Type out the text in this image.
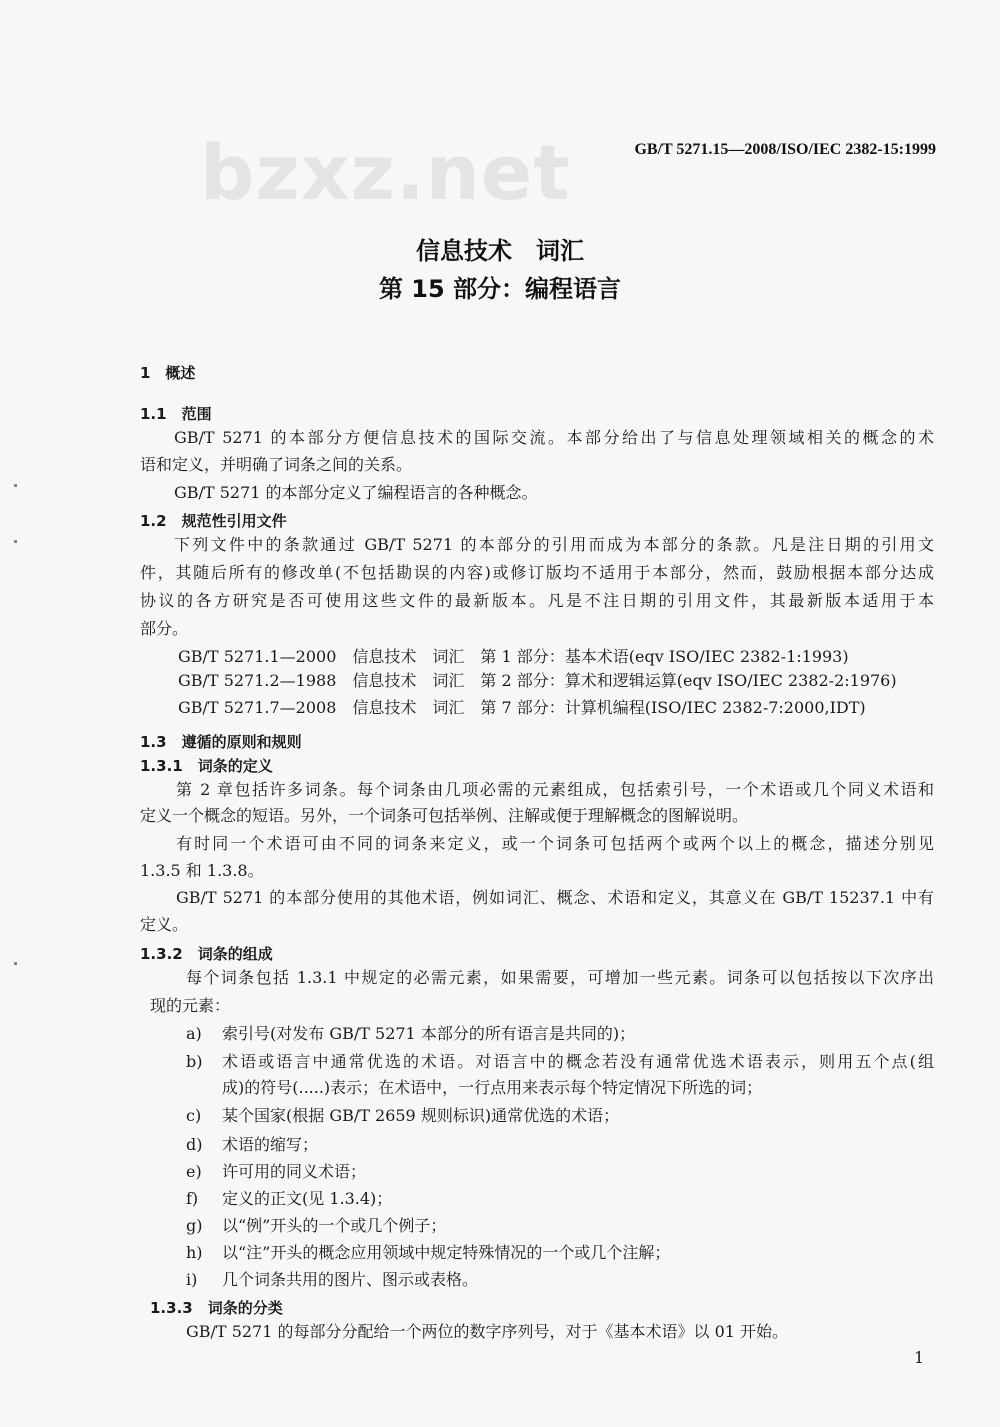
bzxz.net	GB/T 5271.15—2008/ISO/IEC 2382-15:1999
信息技术　词汇
第 15 部分：编程语言
1　概述
1.1　范围
GB/T 5271 的本部分方便信息技术的国际交流。本部分给出了与信息处理领域相关的概念的术
语和定义，并明确了词条之间的关系。
GB/T 5271 的本部分定义了编程语言的各种概念。
1.2　规范性引用文件
下列文件中的条款通过 GB/T 5271 的本部分的引用而成为本部分的条款。凡是注日期的引用文
件，其随后所有的修改单(不包括勘误的内容)或修订版均不适用于本部分，然而，鼓励根据本部分达成
协议的各方研究是否可使用这些文件的最新版本。凡是不注日期的引用文件，其最新版本适用于本
部分。
GB/T 5271.1—2000　信息技术　词汇　第 1 部分：基本术语(eqv ISO/IEC 2382-1:1993)
GB/T 5271.2—1988　信息技术　词汇　第 2 部分：算术和逻辑运算(eqv ISO/IEC 2382-2:1976)
GB/T 5271.7—2008　信息技术　词汇　第 7 部分：计算机编程(ISO/IEC 2382-7:2000,IDT)
1.3　遵循的原则和规则
1.3.1　词条的定义
第 2 章包括许多词条。每个词条由几项必需的元素组成，包括索引号，一个术语或几个同义术语和
定义一个概念的短语。另外，一个词条可包括举例、注解或便于理解概念的图解说明。
有时同一个术语可由不同的词条来定义，或一个词条可包括两个或两个以上的概念，描述分别见
1.3.5 和 1.3.8。
GB/T 5271 的本部分使用的其他术语，例如词汇、概念、术语和定义，其意义在 GB/T 15237.1 中有
定义。
1.3.2　词条的组成
每个词条包括 1.3.1 中规定的必需元素，如果需要，可增加一些元素。词条可以包括按以下次序出
现的元素：
a) 索引号(对发布 GB/T 5271 本部分的所有语言是共同的)；
b) 术语或语言中通常优选的术语。对语言中的概念若没有通常优选术语表示，则用五个点(组
成)的符号(.....)表示；在术语中，一行点用来表示每个特定情况下所选的词；
c) 某个国家(根据 GB/T 2659 规则标识)通常优选的术语；
d) 术语的缩写；
e) 许可用的同义术语；
f) 定义的正文(见 1.3.4)；
g) 以“例”开头的一个或几个例子；
h) 以“注”开头的概念应用领域中规定特殊情况的一个或几个注解；
i) 几个词条共用的图片、图示或表格。
1.3.3　词条的分类
GB/T 5271 的每部分分配给一个两位的数字序列号，对于《基本术语》以 01 开始。
1
